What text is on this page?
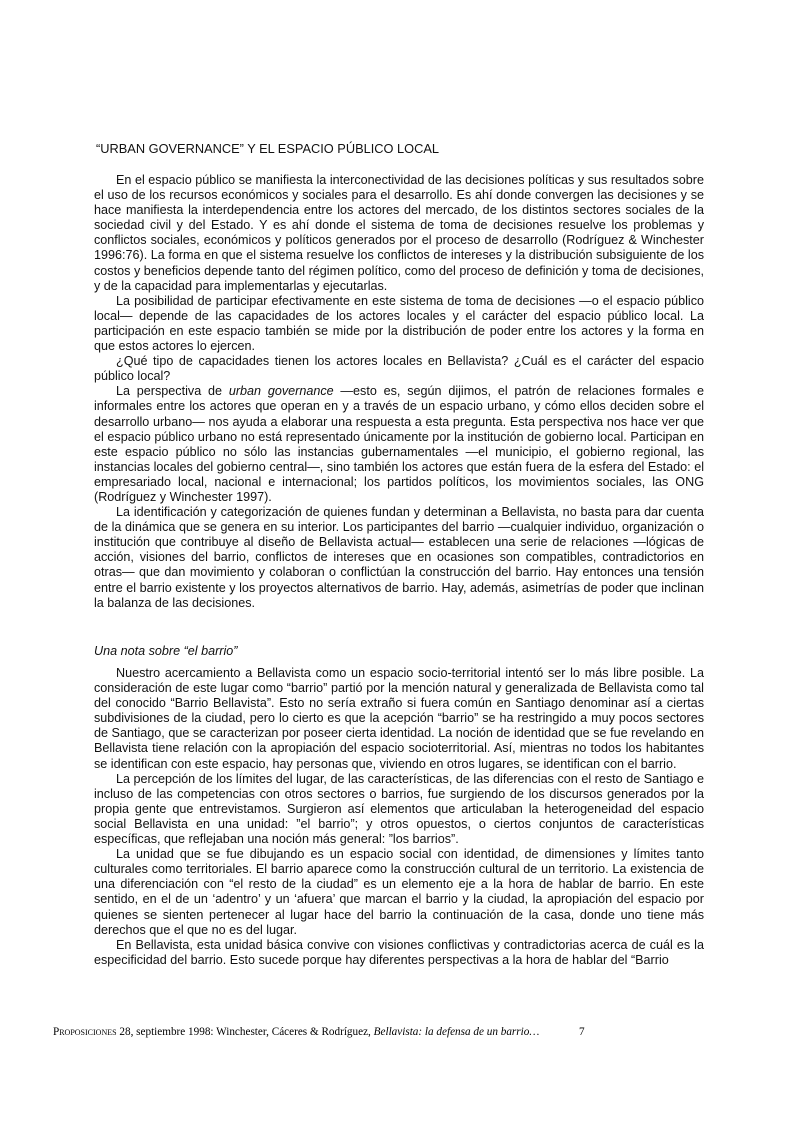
“URBAN GOVERNANCE” Y EL ESPACIO PÚBLICO LOCAL

En el espacio público se manifiesta la interconectividad de las decisiones políticas y sus resultados sobre el uso de los recursos económicos y sociales para el desarrollo. Es ahí donde convergen las decisiones y se hace manifiesta la interdependencia entre los actores del mercado, de los distintos sectores sociales de la sociedad civil y del Estado. Y es ahí donde el sistema de toma de decisiones resuelve los problemas y conflictos sociales, económicos y políticos generados por el proceso de desarrollo (Rodríguez & Winchester 1996:76). La forma en que el sistema resuelve los conflictos de intereses y la distribución subsiguiente de los costos y beneficios depende tanto del régimen político, como del proceso de definición y toma de decisiones, y de la capacidad para implementarlas y ejecutarlas.

La posibilidad de participar efectivamente en este sistema de toma de decisiones —o el espacio público local— depende de las capacidades de los actores locales y el carácter del espacio público local. La participación en este espacio también se mide por la distribución de poder entre los actores y la forma en que estos actores lo ejercen.

¿Qué tipo de capacidades tienen los actores locales en Bellavista? ¿Cuál es el carácter del espacio público local?

La perspectiva de urban governance —esto es, según dijimos, el patrón de relaciones formales e informales entre los actores que operan en y a través de un espacio urbano, y cómo ellos deciden sobre el desarrollo urbano— nos ayuda a elaborar una respuesta a esta pregunta. Esta perspectiva nos hace ver que el espacio público urbano no está representado únicamente por la institución de gobierno local. Participan en este espacio público no sólo las instancias gubernamentales —el municipio, el gobierno regional, las instancias locales del gobierno central—, sino también los actores que están fuera de la esfera del Estado: el empresariado local, nacional e internacional; los partidos políticos, los movimientos sociales, las ONG (Rodríguez y Winchester 1997).

La identificación y categorización de quienes fundan y determinan a Bellavista, no basta para dar cuenta de la dinámica que se genera en su interior. Los participantes del barrio —cualquier individuo, organización o institución que contribuye al diseño de Bellavista actual— establecen una serie de relaciones —lógicas de acción, visiones del barrio, conflictos de intereses que en ocasiones son compatibles, contradictorios en otras— que dan movimiento y colaboran o conflictúan la construcción del barrio. Hay entonces una tensión entre el barrio existente y los proyectos alternativos de barrio. Hay, además, asimetrías de poder que inclinan la balanza de las decisiones.

Una nota sobre “el barrio”

Nuestro acercamiento a Bellavista como un espacio socio-territorial intentó ser lo más libre posible. La consideración de este lugar como “barrio” partió por la mención natural y generalizada de Bellavista como tal del conocido “Barrio Bellavista”. Esto no sería extraño si fuera común en Santiago denominar así a ciertas subdivisiones de la ciudad, pero lo cierto es que la acepción “barrio” se ha restringido a muy pocos sectores de Santiago, que se caracterizan por poseer cierta identidad. La noción de identidad que se fue revelando en Bellavista tiene relación con la apropiación del espacio socioterritorial. Así, mientras no todos los habitantes se identifican con este espacio, hay personas que, viviendo en otros lugares, se identifican con el barrio.

La percepción de los límites del lugar, de las características, de las diferencias con el resto de Santiago e incluso de las competencias con otros sectores o barrios, fue surgiendo de los discursos generados por la propia gente que entrevistamos. Surgieron así elementos que articulaban la heterogeneidad del espacio social Bellavista en una unidad: ”el barrio”; y otros opuestos, o ciertos conjuntos de características específicas, que reflejaban una noción más general: ”los barrios”.

La unidad que se fue dibujando es un espacio social con identidad, de dimensiones y límites tanto culturales como territoriales. El barrio aparece como la construcción cultural de un territorio. La existencia de una diferenciación con “el resto de la ciudad” es un elemento eje a la hora de hablar de barrio. En este sentido, en el de un ‘adentro’ y un ‘afuera’ que marcan el barrio y la ciudad, la apropiación del espacio por quienes se sienten pertenecer al lugar hace del barrio la continuación de la casa, donde uno tiene más derechos que el que no es del lugar.

En Bellavista, esta unidad básica convive con visiones conflictivas y contradictorias acerca de cuál es la especificidad del barrio. Esto sucede porque hay diferentes perspectivas a la hora de hablar del “Barrio

Proposiciones 28, septiembre 1998: Winchester, Cáceres & Rodríguez, Bellavista: la defensa de un barrio…	7
